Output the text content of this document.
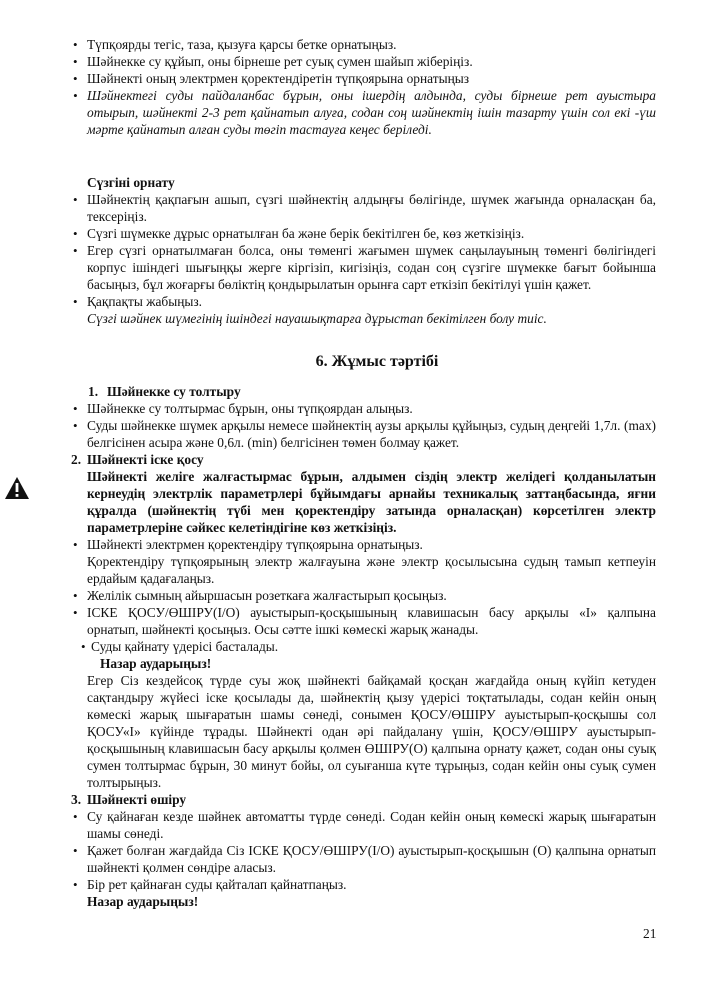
• Түпқоярды тегіс, таза, қызуға қарсы бетке орнатыңыз.
• Шәйнекке су құйып, оны бірнеше рет суық сумен шайып жіберіңіз.
• Шәйнекті оның электрмен қоректендіретін түпқоярына орнатыңыз
• Шәйнектегі суды пайдаланбас бұрын, оны ішердің алдында, суды бірнеше рет ауыстыра отырып, шәйнекті 2-3 рет қайнатып алуға, содан соң шәйнектің ішін тазарту үшін сол екі -үш мәрте қайнатып алған суды төгіп тастауға кеңес беріледі.
Сүзгіні орнату
• Шәйнектің қақпағын ашып, сүзгі шәйнектің алдыңғы бөлігінде, шүмек жағында орналасқан ба, тексеріңіз.
• Сүзгі шүмекке дұрыс орнатылған ба және берік бекітілген бе, көз жеткізіңіз.
• Егер сүзгі орнатылмаған болса, оны төменгі жағымен шүмек саңылауының төменгі бөлігіндегі корпус ішіндегі шығыңқы жерге кіргізіп, кигізіңіз, содан соң сүзгіге шүмекке бағыт бойынша басыңыз, бұл жоғарғы бөліктің қондырылатын орынға сарт еткізіп бекітілуі үшін қажет.
• Қақпақты жабыңыз.
Сүзгі шәйнек шүмегінің ішіндегі науашықтарға дұрыстап бекітілген болу тиіс.
6. Жұмыс тәртібі
1. Шәйнекке су толтыру
• Шәйнекке су толтырмас бұрын, оны түпқоярдан алыңыз.
• Суды шәйнекке шүмек арқылы немесе шәйнектің аузы арқылы құйыңыз, судың деңгейі 1,7л. (max) белгісінен асыра және 0,6л. (min) белгісінен төмен болмау қажет.
2. Шәйнекті іске қосу
Шәйнекті желіге жалғастырмас бұрын, алдымен сіздің электр желідегі қолданылатын кернеудің электрлік параметрлері бұйымдағы арнайы техникалық заттаңбасында, яғни құралда (шәйнектің түбі мен қоректендіру затында орналасқан) көрсетілген электр параметрлеріне сәйкес келетіндігіне көз жеткізіңіз.
• Шәйнекті электрмен қоректендіру түпқоярына орнатыңыз.
Қоректендіру түпқоярының электр жалғауына және электр қосылысына судың тамып кетпеуін ердайым қадағалаңыз.
• Желілік сымның айыршасын розеткаға жалғастырып қосыңыз.
• ІСКЕ ҚОСУ/ӨШІРУ(І/О) ауыстырып-қосқышының клавишасын басу арқылы «І» қалпына орнатып, шәйнекті қосыңыз. Осы сәтте ішкі көмескі жарық жанады.
• Суды қайнату үдерісі басталады.
Назар аударыңыз!
Егер Сіз кездейсоқ түрде суы жоқ шәйнекті байқамай қосқан жағдайда оның күйіп кетуден сақтандыру жүйесі іске қосылады да, шәйнектің қызу үдерісі тоқтатылады, содан кейін оның көмескі жарық шығаратын шамы сөнеді, сонымен ҚОСУ/ӨШІРУ ауыстырып-қосқышы сол ҚОСУ«І» күйінде тұрады. Шәйнекті одан әрі пайдалану үшін, ҚОСУ/ӨШІРУ ауыстырып-қосқышының клавишасын басу арқылы қолмен ӨШІРУ(О) қалпына орнату қажет, содан оны суық сумен толтырмас бұрын, 30 минут бойы, ол суығанша күте тұрыңыз, содан кейін оны суық сумен толтырыңыз.
3. Шәйнекті өшіру
• Су қайнаған кезде шәйнек автоматты түрде сөнеді. Содан кейін оның көмескі жарық шығаратын шамы сөнеді.
• Қажет болған жағдайда Сіз ІСКЕ ҚОСУ/ӨШІРУ(І/О) ауыстырып-қосқышын (О) қалпына орнатып шәйнекті қолмен сөндіре аласыз.
• Бір рет қайнаған суды қайталап қайнатпаңыз.
Назар аударыңыз!
21
